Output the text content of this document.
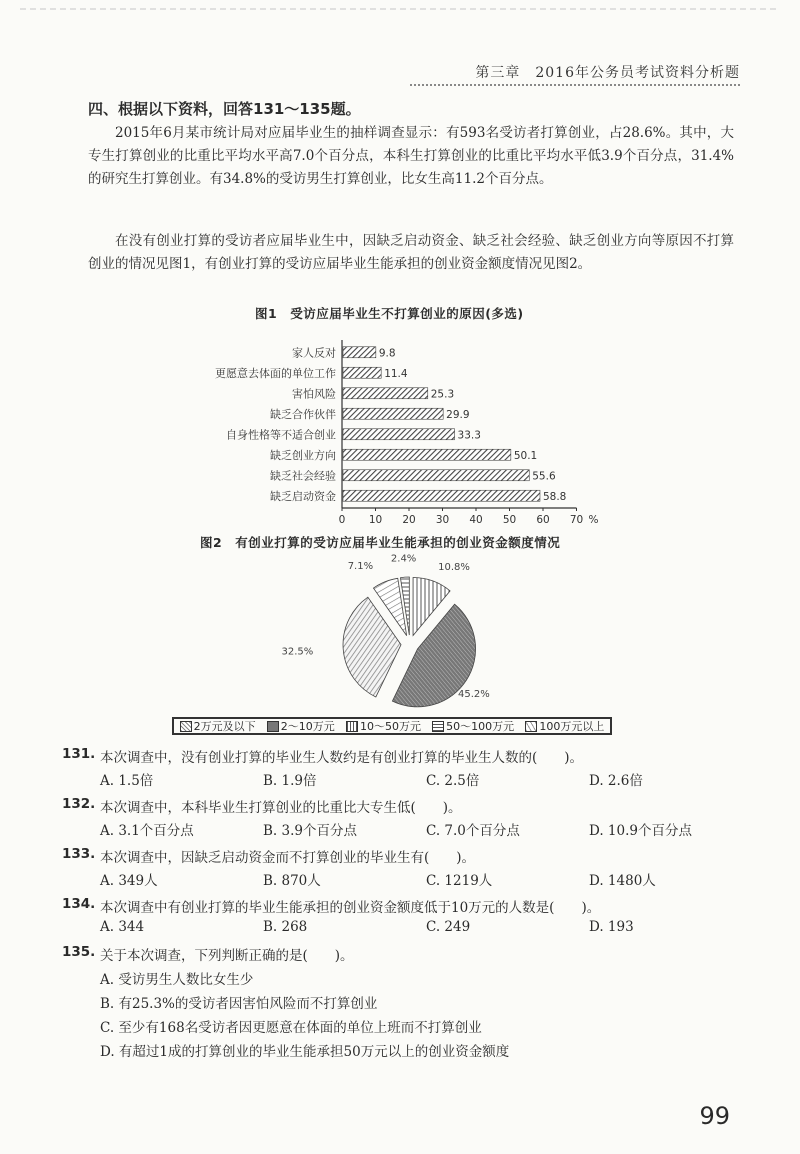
第三章　2016年公务员考试资料分析题
四、根据以下资料，回答131～135题。
2015年6月某市统计局对应届毕业生的抽样调查显示：有593名受访者打算创业，占28.6%。其中，大专生打算创业的比重比平均水平高7.0个百分点，本科生打算创业的比重比平均水平低3.9个百分点，31.4%的研究生打算创业。有34.8%的受访男生打算创业，比女生高11.2个百分点。
在没有创业打算的受访者应届毕业生中，因缺乏启动资金、缺乏社会经验、缺乏创业方向等原因不打算创业的情况见图1，有创业打算的受访应届毕业生能承担的创业资金额度情况见图2。
图1　受访应届毕业生不打算创业的原因(多选)
家人反对	9.8
更愿意去体面的单位工作	11.4
害怕风险	25.3
缺乏合作伙伴	29.9
自身性格等不适合创业	33.3
缺乏创业方向	50.1
缺乏社会经验	55.6
缺乏启动资金	58.8
0 10 20 30 40 50 60 70 %
图2　有创业打算的受访应届毕业生能承担的创业资金额度情况
10.8%
45.2%
32.5%
7.1%
2.4%
2万元及以下 2～10万元 10～50万元 50～100万元 100万元以上
131. 本次调查中，没有创业打算的毕业生人数约是有创业打算的毕业生人数的(　　)。
A. 1.5倍	B. 1.9倍	C. 2.5倍	D. 2.6倍
132. 本次调查中，本科毕业生打算创业的比重比大专生低(　　)。
A. 3.1个百分点	B. 3.9个百分点	C. 7.0个百分点	D. 10.9个百分点
133. 本次调查中，因缺乏启动资金而不打算创业的毕业生有(　　)。
A. 349人	B. 870人	C. 1219人	D. 1480人
134. 本次调查中有创业打算的毕业生能承担的创业资金额度低于10万元的人数是(　　)。
A. 344	B. 268	C. 249	D. 193
135. 关于本次调查，下列判断正确的是(　　)。
A. 受访男生人数比女生少
B. 有25.3%的受访者因害怕风险而不打算创业
C. 至少有168名受访者因更愿意在体面的单位上班而不打算创业
D. 有超过1成的打算创业的毕业生能承担50万元以上的创业资金额度
99
